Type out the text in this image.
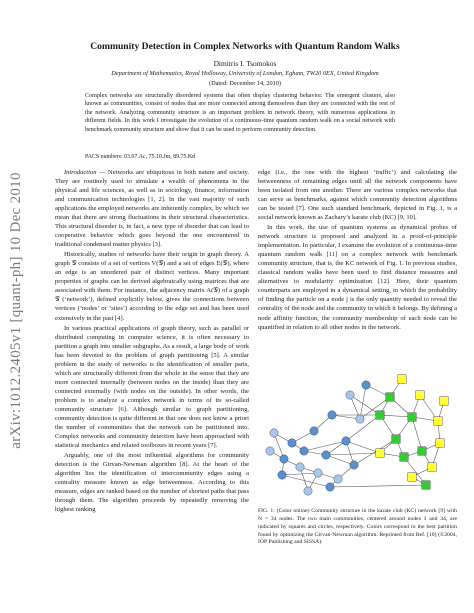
arXiv:1012.2405v1 [quant-ph] 10 Dec 2010
Community Detection in Complex Networks with Quantum Random Walks
Dimitris I. Tsomokos
Department of Mathematics, Royal Holloway, University of London, Egham, TW20 0EX, United Kingdom
(Dated: December 14, 2010)
Complex networks are structurally disordered systems that often display clustering behavior. The emergent clusters, also known as communities, consist of nodes that are more connected among themselves than they are connected with the rest of the network. Analyzing community structure is an important problem in network theory, with numerous applications in different fields. In this work I investigate the evolution of a continuous-time quantum random walk on a social network with benchmark community structure and show that it can be used to perform community detection.
PACS numbers: 03.67.Ac, 75.10.Jm, 89.75.Kd

Introduction — Networks are ubiquitous in both nature and society. They are routinely used to simulate a wealth of phenomena in the physical and life sciences, as well as in sociology, finance, information and communication technologies [1, 2]. In the vast majority of such applications the employed networks are inherently complex, by which we mean that there are strong fluctuations in their structural characteristics. This structural disorder is, in fact, a new type of disorder that can lead to cooperative behavior which goes beyond the one encountered in traditional condensed matter physics [3].

Historically, studies of networks have their origin in graph theory. A graph 𝒢 consists of a set of vertices V(𝒢) and a set of edges E(𝒢), where an edge is an unordered pair of distinct vertices. Many important properties of graphs can be derived algebraically using matrices that are associated with them. For instance, the adjacency matrix A(𝒢) of a graph 𝒢 (‘network’), defined explicitly below, gives the connections between vertices (‘nodes’ or ‘sites’) according to the edge set and has been used extensively in the past [4].

In various practical applications of graph theory, such as parallel or distributed computing in computer science, it is often necessary to partition a graph into smaller subgraphs. As a result, a large body of work has been devoted to the problem of graph partitioning [5]. A similar problem in the study of networks is the identification of smaller parts, which are structurally different from the whole in the sense that they are more connected internally (between nodes on the inside) than they are connected externally (with nodes on the outside). In other words, the problem is to analyze a complex network in terms of its so-called community structure [6]. Although similar to graph partitioning, community detection is quite different in that one does not know a priori the number of communities that the network can be partitioned into. Complex networks and community detection have been approached with statistical mechanics and related toolboxes in recent years [7].

Arguably, one of the most influential algorithms for community detection is the Girvan-Newman algorithm [8]. At the heart of the algorithm lies the identification of intercommunity edges using a centrality measure known as edge betweenness. According to this measure, edges are ranked based on the number of shortest paths that pass through them. The algorithm proceeds by repeatedly removing the highest ranking

edge (i.e., the one with the highest ‘traffic’) and calculating the betweenness of remaining edges until all the network components have been isolated from one another. There are various complex networks that can serve as benchmarks, against which community detection algorithms can be tested [7]. One such standard benchmark, depicted in Fig. 1, is a social network known as Zachary’s karate club (KC) [9, 10].

In this work, the use of quantum systems as dynamical probes of network structure is proposed and analyzed in a proof-of-principle implementation. In particular, I examine the evolution of a continuous-time quantum random walk [11] on a complex network with benchmark community structure, that is, the KC network of Fig. 1. In previous studies, classical random walks have been used to find distance measures and alternatives to modularity optimization [12]. Here, their quantum counterparts are employed in a dynamical setting, in which the probability of finding the particle on a node j is the only quantity needed to reveal the centrality of the node and the community in which it belongs. By defining a node affinity function, the community membership of each node can be quantified in relation to all other nodes in the network.

FIG. 1: (Color online) Community structure in the karate club (KC) network [9] with N = 34 nodes. The two main communities, centered around nodes 1 and 34, are indicated by squares and circles, respectively. Colors correspond to the best partition found by optimizing the Girvan-Newman algorithm. Reprinted from Ref. [10] (©2004, IOP Publishing and SISSA).
